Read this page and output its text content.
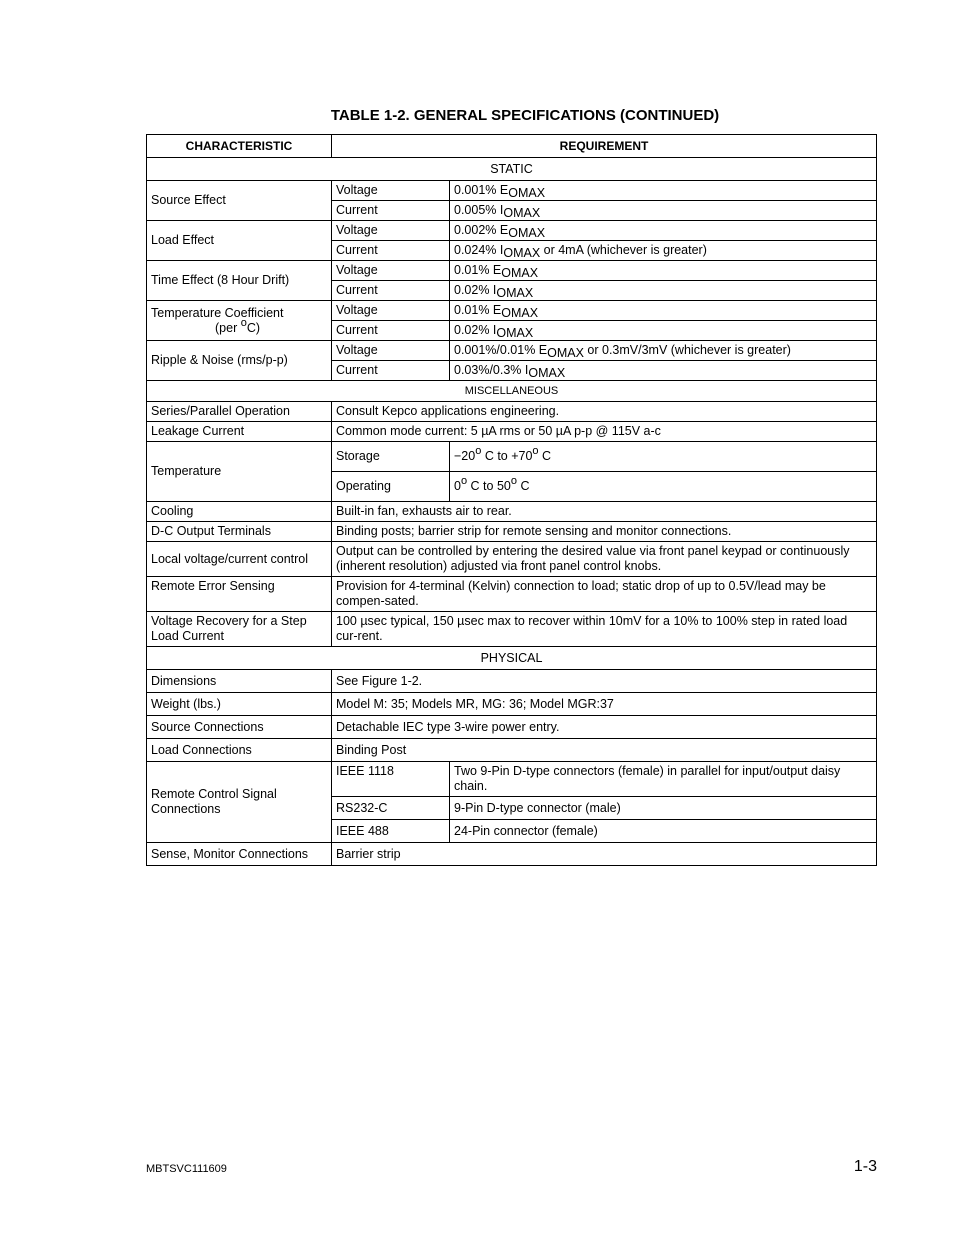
TABLE 1-2. GENERAL SPECIFICATIONS (CONTINUED)
CHARACTERISTIC	REQUIREMENT	
STATIC		
Source Effect	Voltage	0.001% $E_{OMAX}$
	Current	0.005% $I_{OMAX}$
Load Effect	Voltage	0.002% $E_{OMAX}$
	Current	0.024% $I_{OMAX}$ or 4mA (whichever is greater)
Time Effect (8 Hour Drift)	Voltage	0.01% $E_{OMAX}$
	Current	0.02% $I_{OMAX}$
Temperature Coefficient
(per $^o$C)	Voltage	0.01% $E_{OMAX}$
	Current	0.02% $I_{OMAX}$
Ripple & Noise (rms/p-p)	Voltage	0.001%/0.01% $E_{OMAX}$ or 0.3mV/3mV (whichever is greater)
	Current	0.03%/0.3% $I_{OMAX}$
MISCELLANEOUS		
Series/Parallel Operation	Consult Kepco applications engineering.	
Leakage Current	Common mode current: 5 µA rms or 50 µA p-p @ 115V a-c	
Temperature	Storage	$-20^o$ C to $+70^o$ C
	Operating	0$^o$ C to 50$^o$ C
Cooling	Built-in fan, exhausts air to rear.	
D-C Output Terminals	Binding posts; barrier strip for remote sensing and monitor connections.	
Local voltage/current control	Output can be controlled by entering the desired value via front panel keypad or continuously (inherent resolution) adjusted via front panel control knobs.	
Remote Error Sensing	Provision for 4-terminal (Kelvin) connection to load; static drop of up to 0.5V/lead may be compen-sated.	
Voltage Recovery for a Step Load Current	100 µsec typical, 150 µsec max to recover within 10mV for a 10% to 100% step in rated load cur-rent.	
PHYSICAL		
Dimensions	See Figure 1-2.	
Weight (lbs.)	Model M: 35; Models MR, MG: 36; Model MGR:37	
Source Connections	Detachable IEC type 3-wire power entry.	
Load Connections	Binding Post	
Remote Control Signal Connections	IEEE 1118	Two 9-Pin D-type connectors (female) in parallel for input/output daisy chain.
	RS232-C	9-Pin D-type connector (male)
	IEEE 488	24-Pin connector (female)
Sense, Monitor Connections	Barrier strip	
MBTSVC111609	1-3
